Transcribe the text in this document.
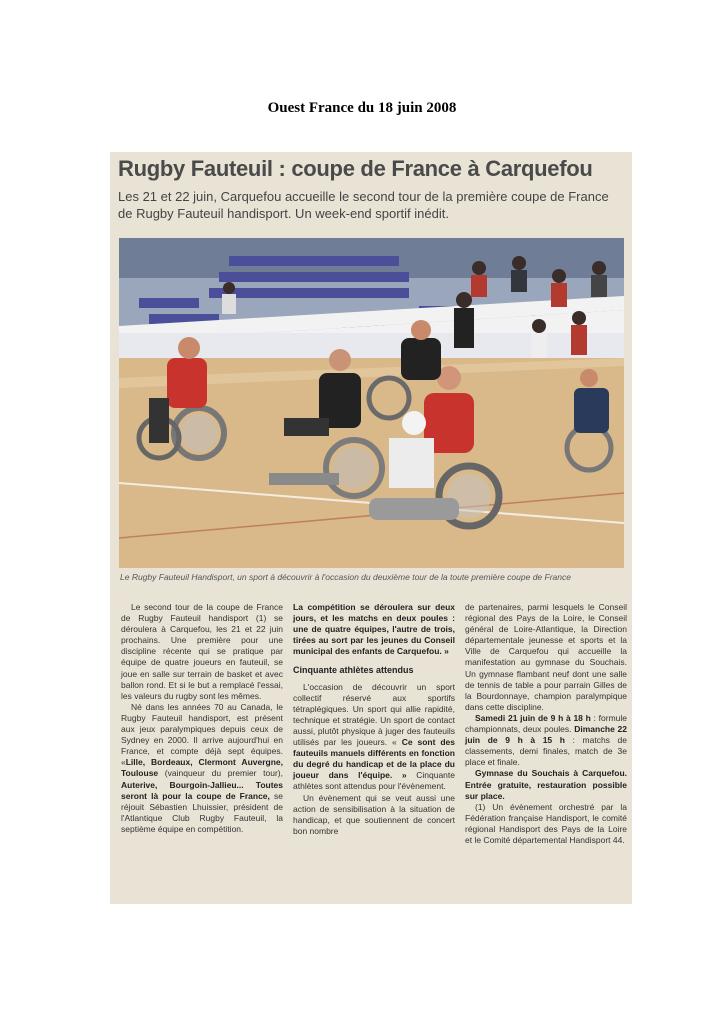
Ouest France du 18 juin 2008
Rugby Fauteuil : coupe de France à Carquefou
Les 21 et 22 juin, Carquefou accueille le second tour de la première coupe de France de Rugby Fauteuil handisport. Un week-end sportif inédit.
Le Rugby Fauteuil Handisport, un sport à découvrir à l'occasion du deuxième tour de la toute première coupe de France

Le second tour de la coupe de France de Rugby Fauteuil handisport (1) se déroulera à Carquefou, les 21 et 22 juin prochains. Une première pour une discipline récente qui se pratique par équipe de quatre joueurs en fauteuil, se joue en salle sur terrain de basket et avec ballon rond. Et si le but a remplacé l'essai, les valeurs du rugby sont les mêmes.

Né dans les années 70 au Canada, le Rugby Fauteuil handisport, est présent aux jeux paralympiques depuis ceux de Sydney en 2000. Il arrive aujourd'hui en France, et compte déjà sept équipes. «Lille, Bordeaux, Clermont Auvergne, Toulouse (vainqueur du premier tour), Auterive, Bourgoin-Jallieu... Toutes seront là pour la coupe de France, se réjouit Sébastien Lhuissier, président de l'Atlantique Club Rugby Fauteuil, la septième équipe en compétition.

La compétition se déroulera sur deux jours, et les matchs en deux poules : une de quatre équipes, l'autre de trois, tirées au sort par les jeunes du Conseil municipal des enfants de Carquefou. »

Cinquante athlètes attendus

L'occasion de découvrir un sport collectif réservé aux sportifs tétraplégiques. Un sport qui allie rapidité, technique et stratégie. Un sport de contact aussi, plutôt physique à juger des fauteuils utilisés par les joueurs. « Ce sont des fauteuils manuels différents en fonction du degré du handicap et de la place du joueur dans l'équipe. » Cinquante athlètes sont attendus pour l'évènement.

Un évènement qui se veut aussi une action de sensibilisation à la situation de handicap, et que soutiennent de concert bon nombre

de partenaires, parmi lesquels le Conseil régional des Pays de la Loire, le Conseil général de Loire-Atlantique, la Direction départementale jeunesse et sports et la Ville de Carquefou qui accueille la manifestation au gymnase du Souchais. Un gymnase flambant neuf dont une salle de tennis de table a pour parrain Gilles de la Bourdonnaye, champion paralympique dans cette discipline.

Samedi 21 juin de 9 h à 18 h : formule championnats, deux poules. Dimanche 22 juin de 9 h à 15 h : matchs de classements, demi finales, match de 3e place et finale.

Gymnase du Souchais à Carquefou. Entrée gratuite, restauration possible sur place.

(1) Un évènement orchestré par la Fédération française Handisport, le comité régional Handisport des Pays de la Loire et le Comité départemental Handisport 44.
